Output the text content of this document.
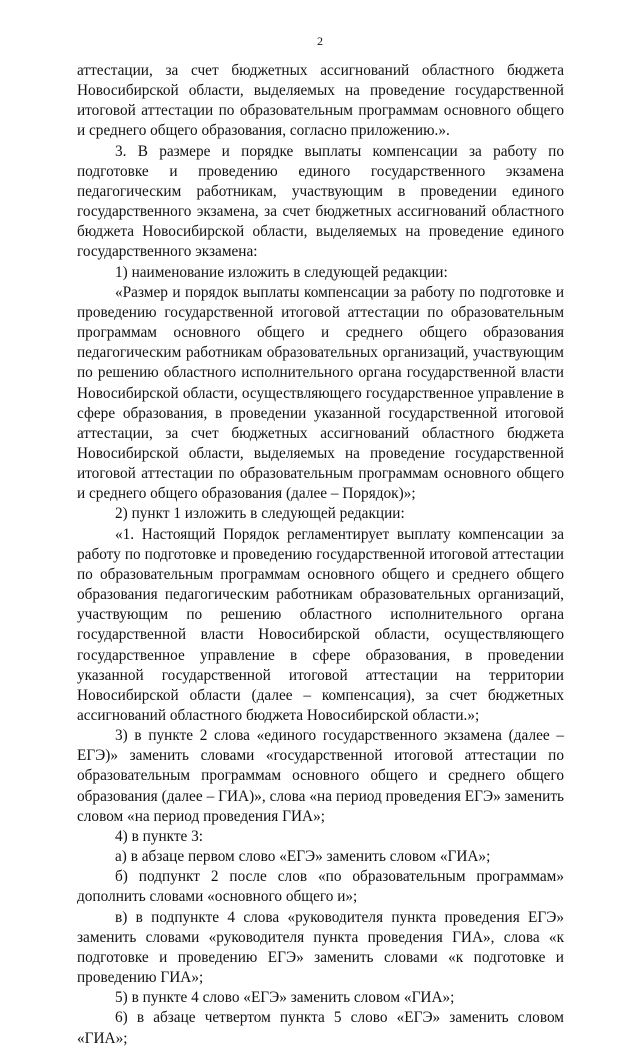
2

аттестации, за счет бюджетных ассигнований областного бюджета Новосибирской области, выделяемых на проведение государственной итоговой аттестации по образовательным программам основного общего и среднего общего образования, согласно приложению.».

3. В размере и порядке выплаты компенсации за работу по подготовке и проведению единого государственного экзамена педагогическим работникам, участвующим в проведении единого государственного экзамена, за счет бюджетных ассигнований областного бюджета Новосибирской области, выделяемых на проведение единого государственного экзамена:

1) наименование изложить в следующей редакции:

«Размер и порядок выплаты компенсации за работу по подготовке и проведению государственной итоговой аттестации по образовательным программам основного общего и среднего общего образования педагогическим работникам образовательных организаций, участвующим по решению областного исполнительного органа государственной власти Новосибирской области, осуществляющего государственное управление в сфере образования, в проведении указанной государственной итоговой аттестации, за счет бюджетных ассигнований областного бюджета Новосибирской области, выделяемых на проведение государственной итоговой аттестации по образовательным программам основного общего и среднего общего образования (далее – Порядок)»;

2) пункт 1 изложить в следующей редакции:

«1. Настоящий Порядок регламентирует выплату компенсации за работу по подготовке и проведению государственной итоговой аттестации по образовательным программам основного общего и среднего общего образования педагогическим работникам образовательных организаций, участвующим по решению областного исполнительного органа государственной власти Новосибирской области, осуществляющего государственное управление в сфере образования, в проведении указанной государственной итоговой аттестации на территории Новосибирской области (далее – компенсация), за счет бюджетных ассигнований областного бюджета Новосибирской области.»;

3) в пункте 2 слова «единого государственного экзамена (далее – ЕГЭ)» заменить словами «государственной итоговой аттестации по образовательным программам основного общего и среднего общего образования (далее – ГИА)», слова «на период проведения ЕГЭ» заменить словом «на период проведения ГИА»;

4) в пункте 3:

а) в абзаце первом слово «ЕГЭ» заменить словом «ГИА»;

б) подпункт 2 после слов «по образовательным программам» дополнить словами «основного общего и»;

в) в подпункте 4 слова «руководителя пункта проведения ЕГЭ» заменить словами «руководителя пункта проведения ГИА», слова «к подготовке и проведению ЕГЭ» заменить словами «к подготовке и проведению ГИА»;

5) в пункте 4 слово «ЕГЭ» заменить словом «ГИА»;

6) в абзаце четвертом пункта 5 слово «ЕГЭ» заменить словом «ГИА»;
